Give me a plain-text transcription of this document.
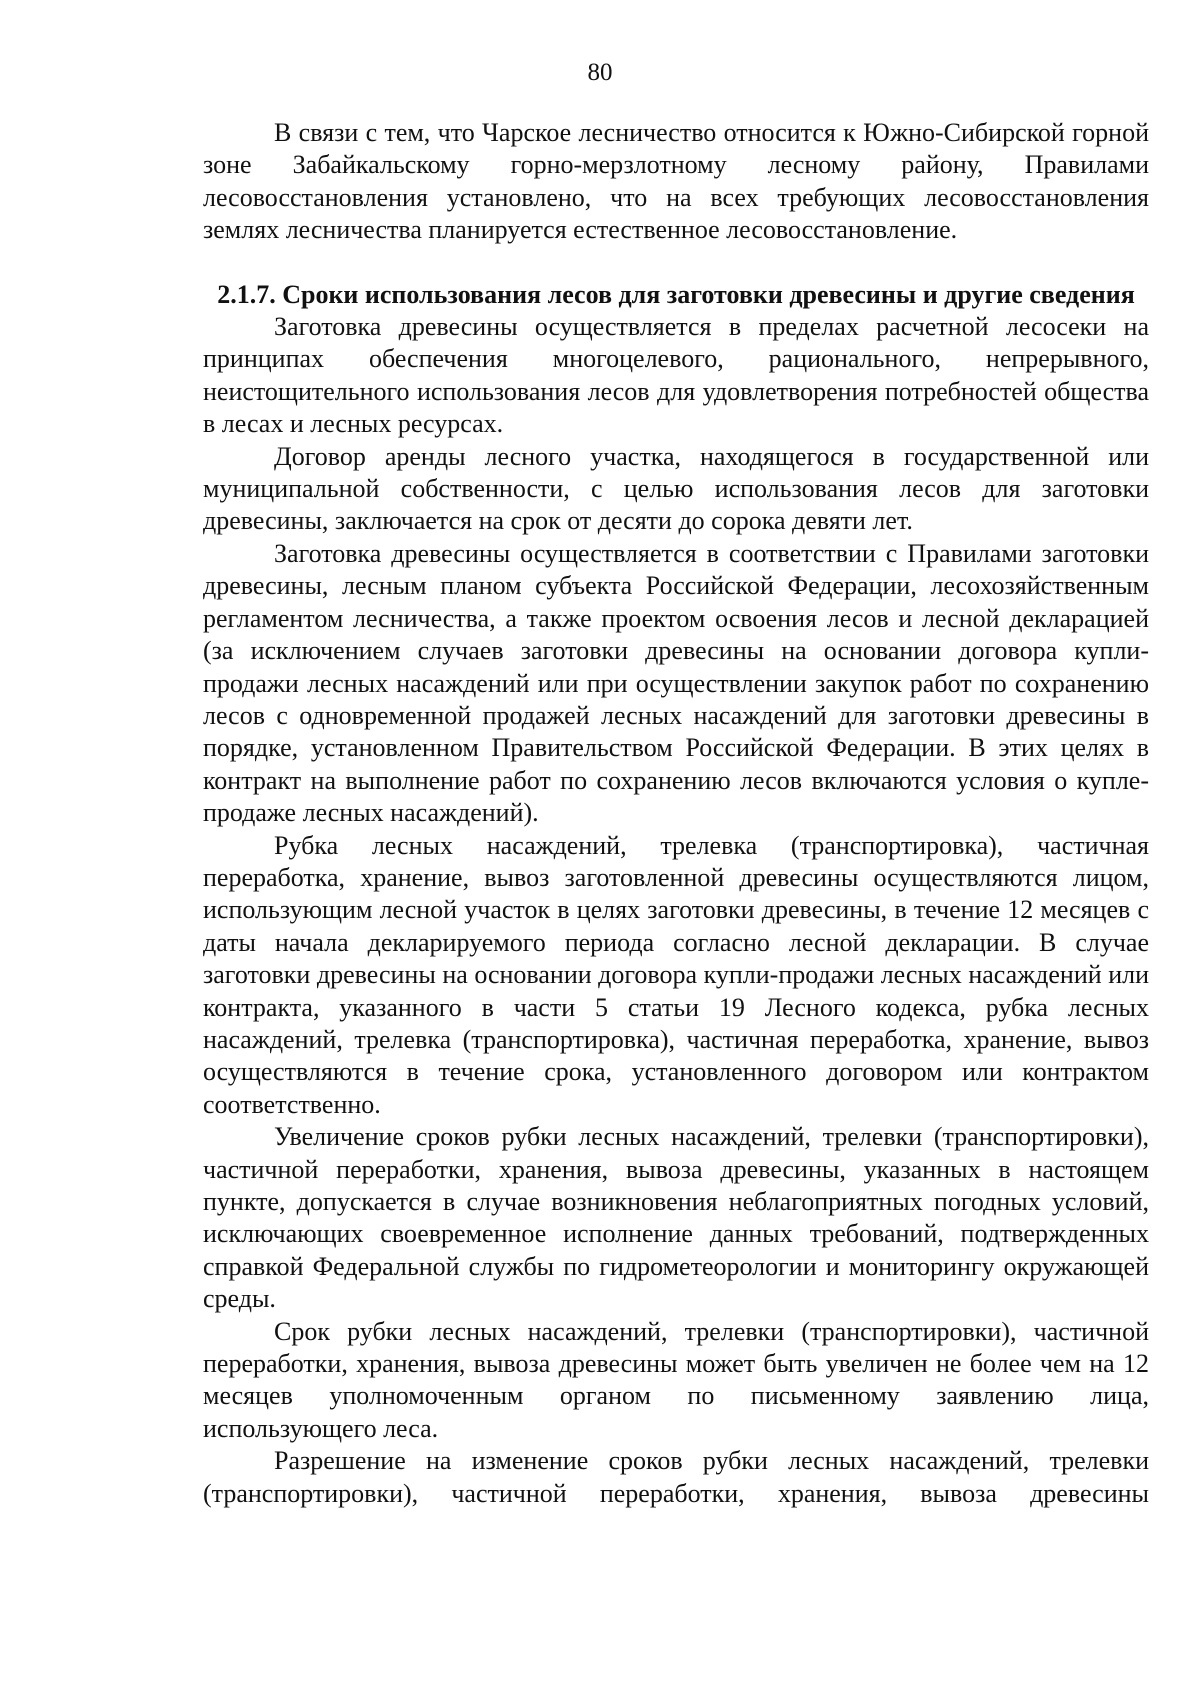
80

В связи с тем, что Чарское лесничество относится к Южно-Сибирской горной зоне Забайкальскому горно-мерзлотному лесному району, Правилами лесовосстановления установлено, что на всех требующих лесовосстановления землях лесничества планируется естественное лесовосстановление.

2.1.7. Сроки использования лесов для заготовки древесины и другие сведения

Заготовка древесины осуществляется в пределах расчетной лесосеки на принципах обеспечения многоцелевого, рационального, непрерывного, неистощительного использования лесов для удовлетворения потребностей общества в лесах и лесных ресурсах.

Договор аренды лесного участка, находящегося в государственной или муниципальной собственности, с целью использования лесов для заготовки древесины, заключается на срок от десяти до сорока девяти лет.

Заготовка древесины осуществляется в соответствии с Правилами заготовки древесины, лесным планом субъекта Российской Федерации, лесохозяйственным регламентом лесничества, а также проектом освоения лесов и лесной декларацией (за исключением случаев заготовки древесины на основании договора купли-продажи лесных насаждений или при осуществлении закупок работ по сохранению лесов с одновременной продажей лесных насаждений для заготовки древесины в порядке, установленном Правительством Российской Федерации. В этих целях в контракт на выполнение работ по сохранению лесов включаются условия о купле-продаже лесных насаждений).

Рубка лесных насаждений, трелевка (транспортировка), частичная переработка, хранение, вывоз заготовленной древесины осуществляются лицом, использующим лесной участок в целях заготовки древесины, в течение 12 месяцев с даты начала декларируемого периода согласно лесной декларации. В случае заготовки древесины на основании договора купли-продажи лесных насаждений или контракта, указанного в части 5 статьи 19 Лесного кодекса, рубка лесных насаждений, трелевка (транспортировка), частичная переработка, хранение, вывоз осуществляются в течение срока, установленного договором или контрактом соответственно.

Увеличение сроков рубки лесных насаждений, трелевки (транспортировки), частичной переработки, хранения, вывоза древесины, указанных в настоящем пункте, допускается в случае возникновения неблагоприятных погодных условий, исключающих своевременное исполнение данных требований, подтвержденных справкой Федеральной службы по гидрометеорологии и мониторингу окружающей среды.

Срок рубки лесных насаждений, трелевки (транспортировки), частичной переработки, хранения, вывоза древесины может быть увеличен не более чем на 12 месяцев уполномоченным органом по письменному заявлению лица, использующего леса.

Разрешение на изменение сроков рубки лесных насаждений, трелевки (транспортировки), частичной переработки, хранения, вывоза древесины
